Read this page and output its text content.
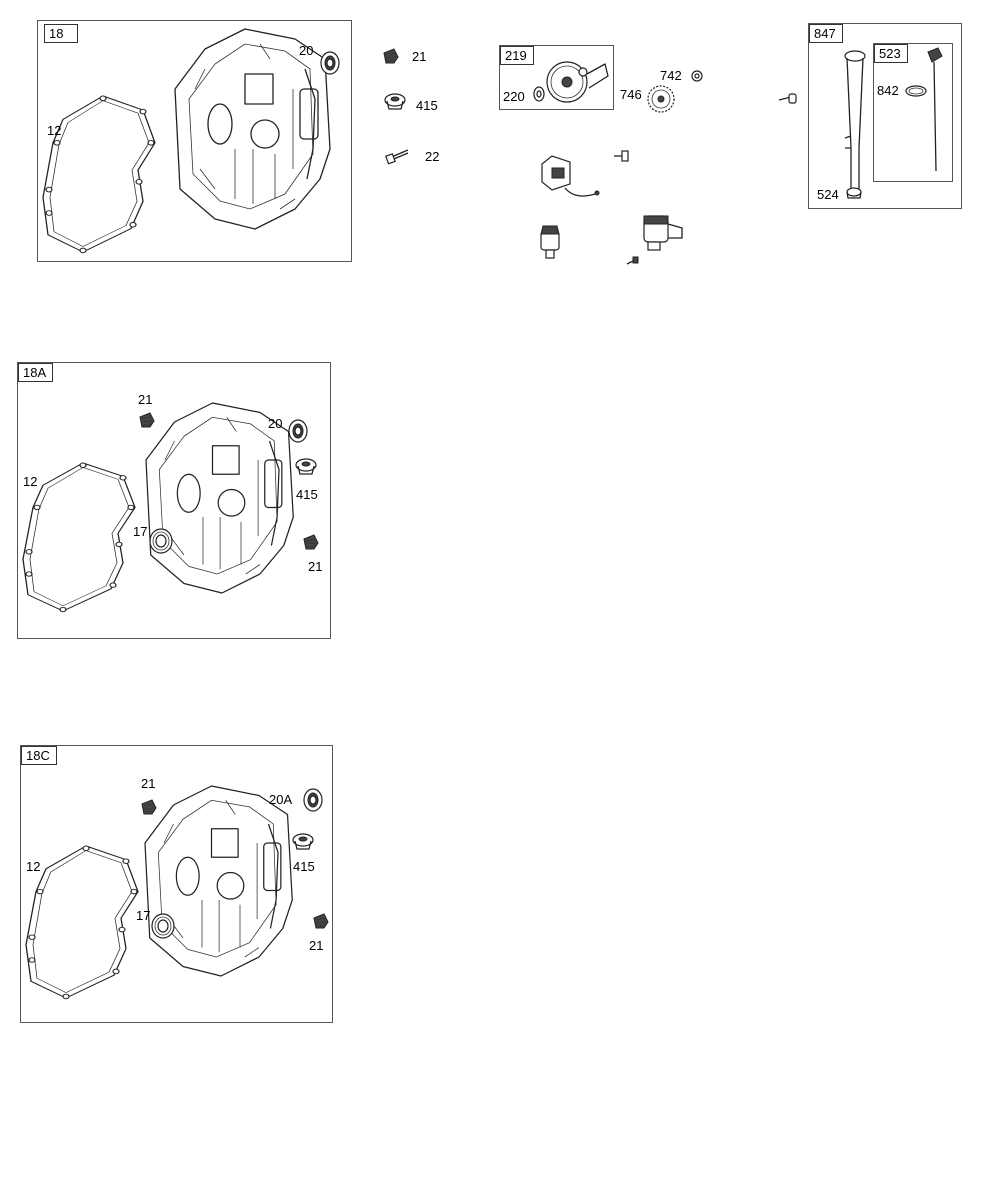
18
12
20	21
415
22
219
220	746
742
847
524
523
842
18A
21
20
415
12
17
21
18C
21
20A
415
12
17
21
